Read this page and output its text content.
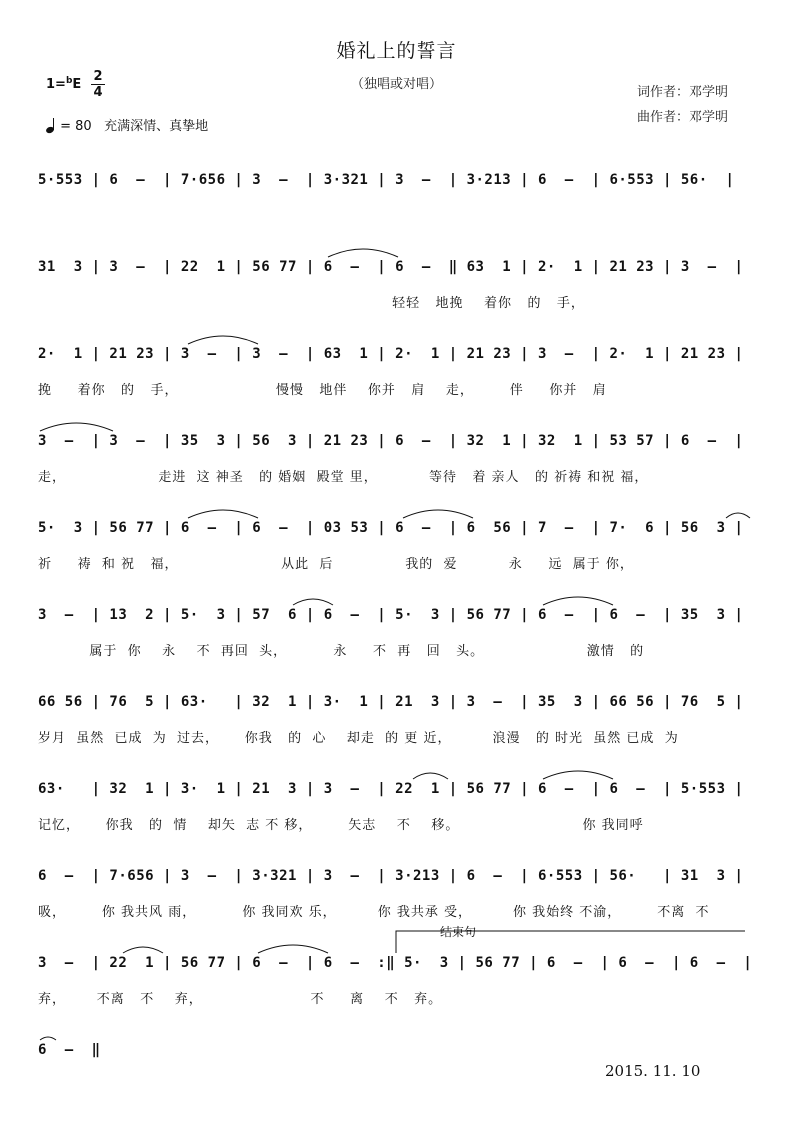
婚礼上的誓言
（独唱或对唱）
1=$^b$E
2
4
= 80 充满深情、真挚地
词作者：邓学明
曲作者：邓学明
5·553 | 6  –  | 7·656 | 3  –  | 3·321 | 3  –  | 3·213 | 6  –  | 6·553 | 56·  |
31  3 | 3  –  | 22  1 | 56 77 | 6  –  | 6  –  ‖ 63  1 | 2·  1 | 21 23 | 3  –  |
轻轻   地挽    着你   的   手，
2·  1 | 21 23 | 3  –  | 3  –  | 63  1 | 2·  1 | 21 23 | 3  –  | 2·  1 | 21 23 |
挽     着你   的   手，                   慢慢   地伴    你并   肩    走，       伴     你并   肩
3  –  | 3  –  | 35  3 | 56  3 | 21 23 | 6  –  | 32  1 | 32  1 | 53 57 | 6  –  |
走，                  走进  这 神圣   的 婚姻  殿堂 里，          等待   着 亲人   的 祈祷 和祝 福，
5·  3 | 56 77 | 6  –  | 6  –  | 03 53 | 6  –  | 6  56 | 7  –  | 7·  6 | 56  3 |
祈     祷  和 祝   福，                    从此  后              我的  爱          永     远  属于 你，
3  –  | 13  2 | 5·  3 | 57  6 | 6  –  | 5·  3 | 56 77 | 6  –  | 6  –  | 35  3 |
属于  你    永    不  再回  头，         永     不  再   回   头。                    激情   的
66 56 | 76  5 | 63·   | 32  1 | 3·  1 | 21  3 | 3  –  | 35  3 | 66 56 | 76  5 |
岁月  虽然  已成  为  过去，     你我   的  心    却走  的 更 近，        浪漫   的 时光  虽然 已成  为
63·   | 32  1 | 3·  1 | 21  3 | 3  –  | 22  1 | 56 77 | 6  –  | 6  –  | 5·553 |
记忆，     你我   的  情    却矢  志 不 移，       矢志    不    移。                        你 我同呼
6  –  | 7·656 | 3  –  | 3·321 | 3  –  | 3·213 | 6  –  | 6·553 | 56·   | 31  3 |
吸，       你 我共风 雨，         你 我同欢 乐，        你 我共承 受，        你 我始终 不渝，       不离  不
结束句
3  –  | 22  1 | 56 77 | 6  –  | 6  –  :‖ 5·  3 | 56 77 | 6  –  | 6  –  | 6  –  |
弃，      不离   不    弃，                     不     离    不   弃。
6  –  ‖
2015. 11. 10
